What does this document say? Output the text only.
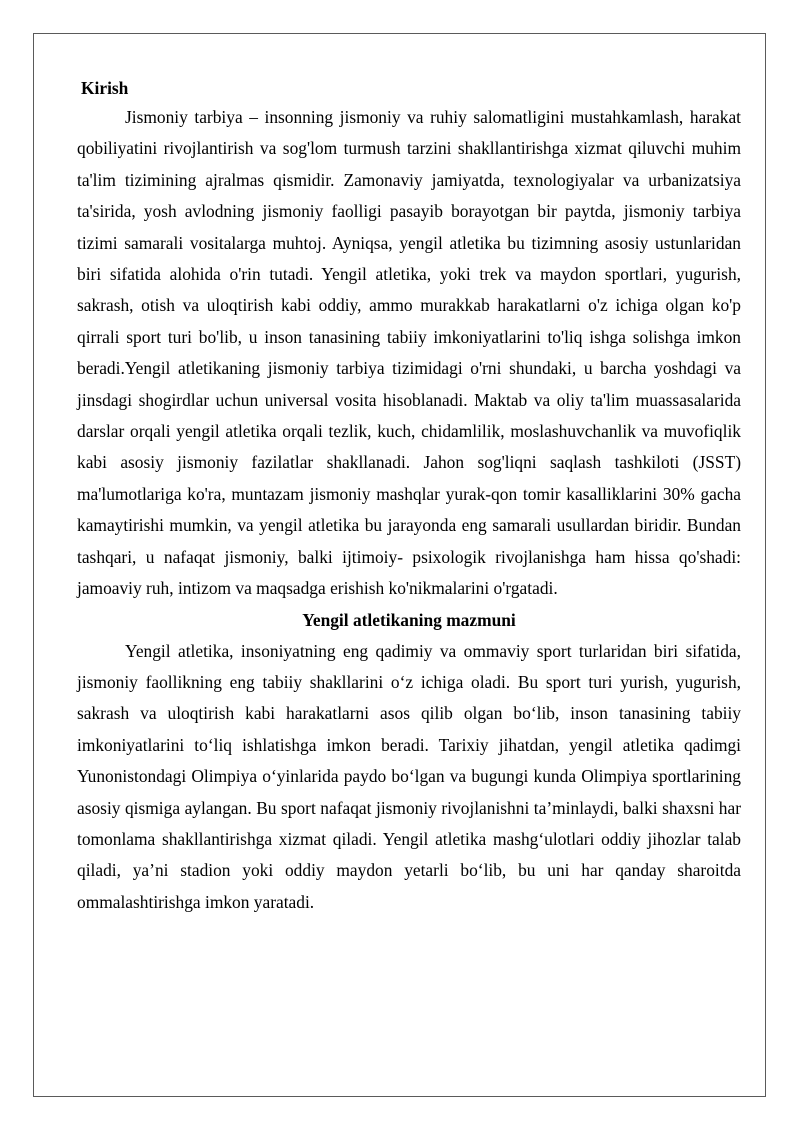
Kirish

Jismoniy tarbiya – insonning jismoniy va ruhiy salomatligini mustahkamlash, harakat qobiliyatini rivojlantirish va sog'lom turmush tarzini shakllantirishga xizmat qiluvchi muhim ta'lim tizimining ajralmas qismidir. Zamonaviy jamiyatda, texnologiyalar va urbanizatsiya ta'sirida, yosh avlodning jismoniy faolligi pasayib borayotgan bir paytda, jismoniy tarbiya tizimi samarali vositalarga muhtoj. Ayniqsa, yengil atletika bu tizimning asosiy ustunlaridan biri sifatida alohida o'rin tutadi. Yengil atletika, yoki trek va maydon sportlari, yugurish, sakrash, otish va uloqtirish kabi oddiy, ammo murakkab harakatlarni o'z ichiga olgan ko'p qirrali sport turi bo'lib, u inson tanasining tabiiy imkoniyatlarini to'liq ishga solishga imkon beradi.Yengil atletikaning jismoniy tarbiya tizimidagi o'rni shundaki, u barcha yoshdagi va jinsdagi shogirdlar uchun universal vosita hisoblanadi. Maktab va oliy ta'lim muassasalarida darslar orqali yengil atletika orqali tezlik, kuch, chidamlilik, moslashuvchanlik va muvofiqlik kabi asosiy jismoniy fazilatlar shakllanadi. Jahon sog'liqni saqlash tashkiloti (JSST) ma'lumotlariga ko'ra, muntazam jismoniy mashqlar yurak-qon tomir kasalliklarini 30% gacha kamaytirishi mumkin, va yengil atletika bu jarayonda eng samarali usullardan biridir. Bundan tashqari, u nafaqat jismoniy, balki ijtimoiy- psixologik rivojlanishga ham hissa qo'shadi: jamoaviy ruh, intizom va maqsadga erishish ko'nikmalarini o'rgatadi.

Yengil atletikaning mazmuni

Yengil atletika, insoniyatning eng qadimiy va ommaviy sport turlaridan biri sifatida, jismoniy faollikning eng tabiiy shakllarini o‘z ichiga oladi. Bu sport turi yurish, yugurish, sakrash va uloqtirish kabi harakatlarni asos qilib olgan bo‘lib, inson tanasining tabiiy imkoniyatlarini to‘liq ishlatishga imkon beradi. Tarixiy jihatdan, yengil atletika qadimgi Yunonistondagi Olimpiya o‘yinlarida paydo bo‘lgan va bugungi kunda Olimpiya sportlarining asosiy qismiga aylangan. Bu sport nafaqat jismoniy rivojlanishni ta’minlaydi, balki shaxsni har tomonlama shakllantirishga xizmat qiladi. Yengil atletika mashg‘ulotlari oddiy jihozlar talab qiladi, ya’ni stadion yoki oddiy maydon yetarli bo‘lib, bu uni har qanday sharoitda ommalashtirishga imkon yaratadi.
